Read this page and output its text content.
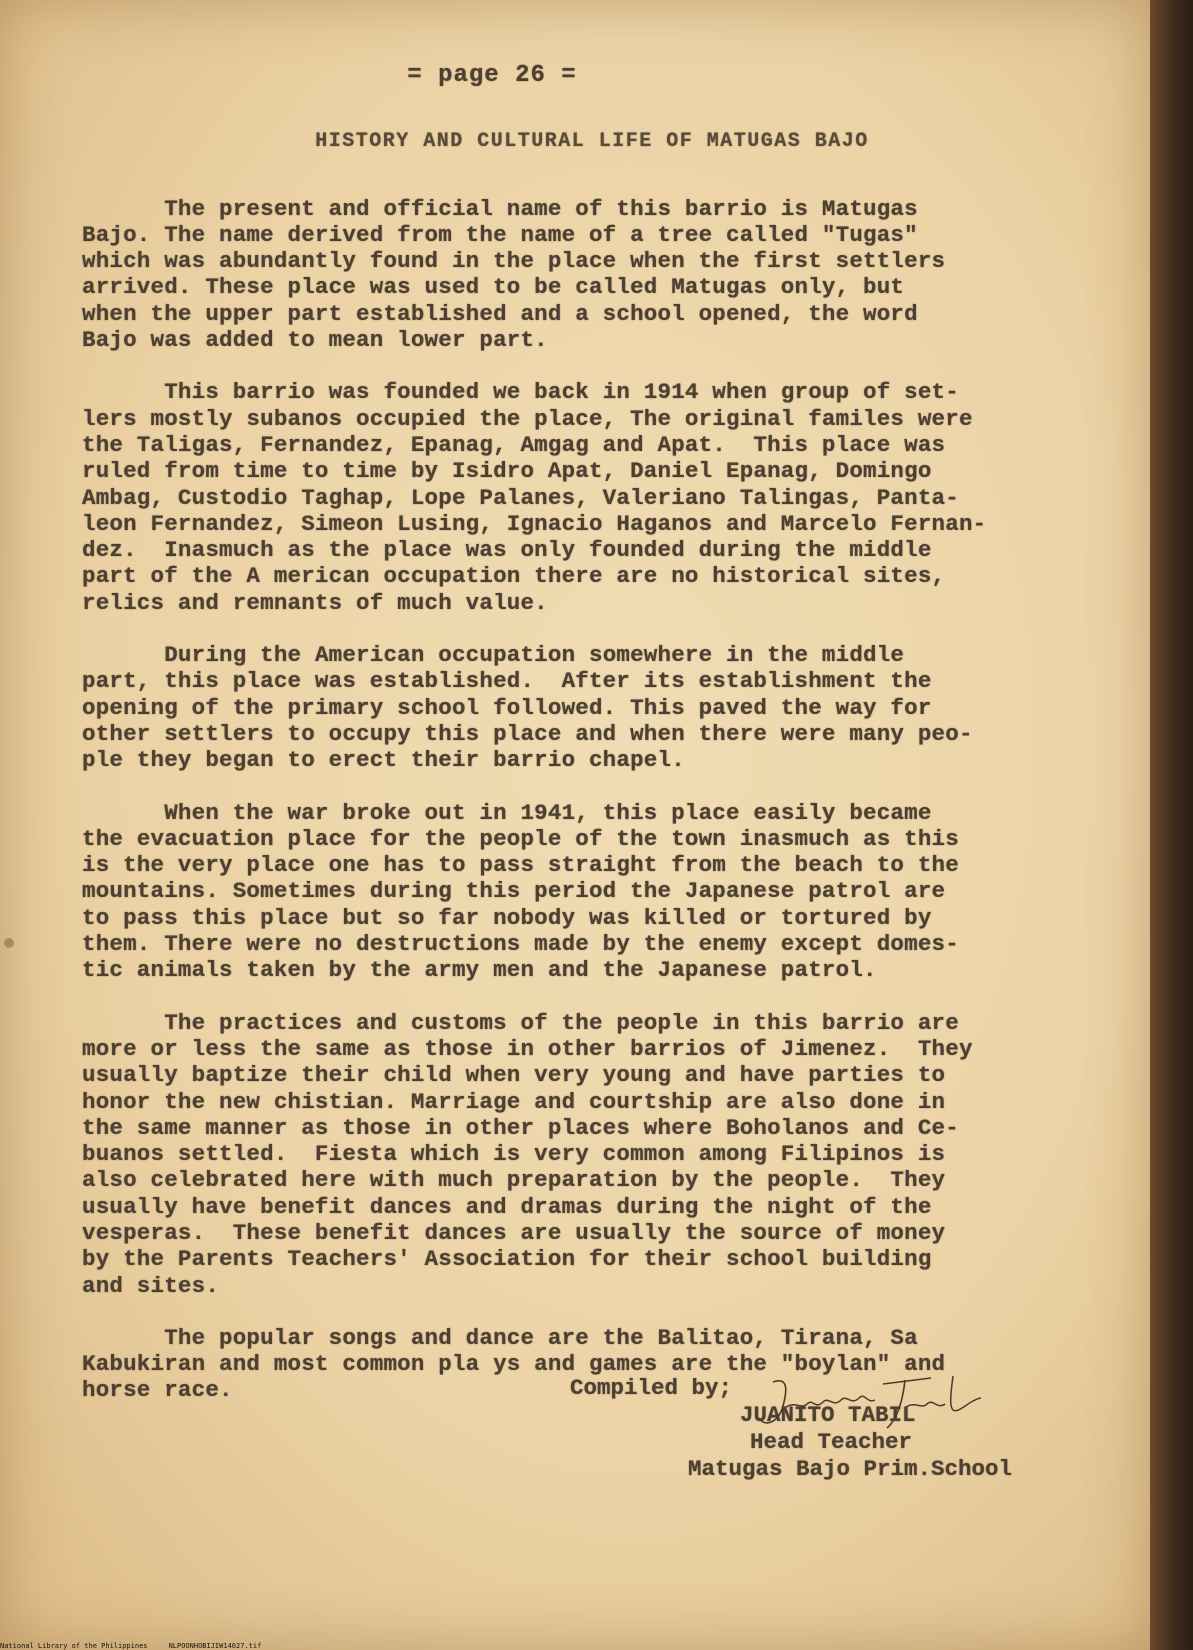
= page 26 =
HISTORY AND CULTURAL LIFE OF MATUGAS BAJO

The present and official name of this barrio is Matugas
Bajo. The name derived from the name of a tree called "Tugas"
which was abundantly found in the place when the first settlers
arrived. These place was used to be called Matugas only, but
when the upper part established and a school opened, the word
Bajo was added to mean lower part.

This barrio was founded we back in 1914 when group of set-
lers mostly subanos occupied the place, The original familes were
the Taligas, Fernandez, Epanag, Amgag and Apat.  This place was
ruled from time to time by Isidro Apat, Daniel Epanag, Domingo
Ambag, Custodio Taghap, Lope Palanes, Valeriano Talingas, Panta-
leon Fernandez, Simeon Lusing, Ignacio Haganos and Marcelo Fernan-
dez.  Inasmuch as the place was only founded during the middle
part of the A merican occupation there are no historical sites,
relics and remnants of much value.

During the American occupation somewhere in the middle
part, this place was established.  After its establishment the
opening of the primary school followed. This paved the way for
other settlers to occupy this place and when there were many peo-
ple they began to erect their barrio chapel.

When the war broke out in 1941, this place easily became
the evacuation place for the people of the town inasmuch as this
is the very place one has to pass straight from the beach to the
mountains. Sometimes during this period the Japanese patrol are
to pass this place but so far nobody was killed or tortured by
them. There were no destructions made by the enemy except domes-
tic animals taken by the army men and the Japanese patrol.

The practices and customs of the people in this barrio are
more or less the same as those in other barrios of Jimenez.  They
usually baptize their child when very young and have parties to
honor the new chistian. Marriage and courtship are also done in
the same manner as those in other places where Boholanos and Ce-
buanos settled.  Fiesta which is very common among Filipinos is
also celebrated here with much preparation by the people.  They
usually have benefit dances and dramas during the night of the
vesperas.  These benefit dances are usually the source of money
by the Parents Teachers' Association for their school building
and sites.

The popular songs and dance are the Balitao, Tirana, Sa
Kabukiran and most common pla ys and games are the "boylan" and
horse race.	Compiled by;
JUANITO TABIL
Head Teacher
Matugas Bajo Prim.School
National Library of the Philippines     NLPOONHOBIJIW14027.tif
